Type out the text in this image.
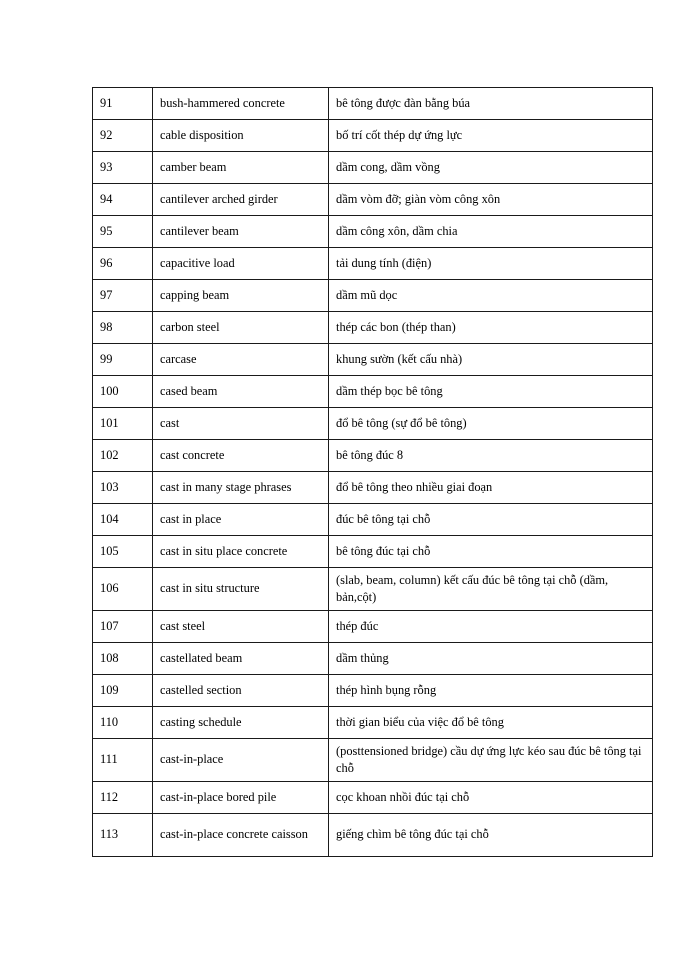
91	bush-hammered concrete	bê tông được đàn bằng búa
92	cable disposition	bố trí cốt thép dự ứng lực
93	camber beam	dầm cong, dầm vồng
94	cantilever arched girder	dầm vòm đỡ; giàn vòm công xôn
95	cantilever beam	dầm công xôn, dầm chia
96	capacitive load	tải dung tính (điện)
97	capping beam	dầm mũ dọc
98	carbon steel	thép các bon (thép than)
99	carcase	khung sườn (kết cấu nhà)
100	cased beam	dầm thép bọc bê tông
101	cast	đổ bê tông (sự đổ bê tông)
102	cast concrete	bê tông đúc 8
103	cast in many stage phrases	đổ bê tông theo nhiều giai đoạn
104	cast in place	đúc bê tông tại chỗ
105	cast in situ place concrete	bê tông đúc tại chỗ
106	cast in situ structure	(slab, beam, column) kết cấu đúc bê tông tại chỗ (dầm, bản,cột)
107	cast steel	thép đúc
108	castellated beam	dầm thủng
109	castelled section	thép hình bụng rỗng
110	casting schedule	thời gian biểu của việc đổ bê tông
111	cast-in-place	(posttensioned bridge) cầu dự ứng lực kéo sau đúc bê tông tại chỗ
112	cast-in-place bored pile	cọc khoan nhồi đúc tại chỗ
113	cast-in-place concrete caisson	giếng chìm bê tông đúc tại chỗ
